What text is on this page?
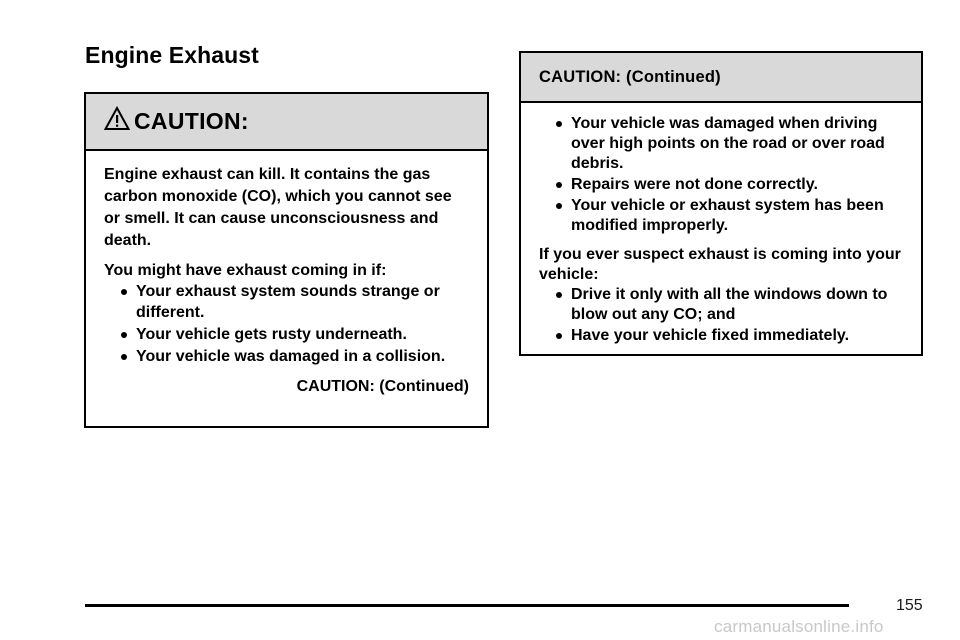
Engine Exhaust
CAUTION:

Engine exhaust can kill. It contains the gas carbon monoxide (CO), which you cannot see or smell. It can cause unconsciousness and death.

You might have exhaust coming in if:

Your exhaust system sounds strange or different.
Your vehicle gets rusty underneath.
Your vehicle was damaged in a collision.
CAUTION: (Continued)
CAUTION: (Continued)
Your vehicle was damaged when driving over high points on the road or over road debris.
Repairs were not done correctly.
Your vehicle or exhaust system has been modified improperly.

If you ever suspect exhaust is coming into your vehicle:

Drive it only with all the windows down to blow out any CO; and
Have your vehicle fixed immediately.
155
carmanualsonline.info
